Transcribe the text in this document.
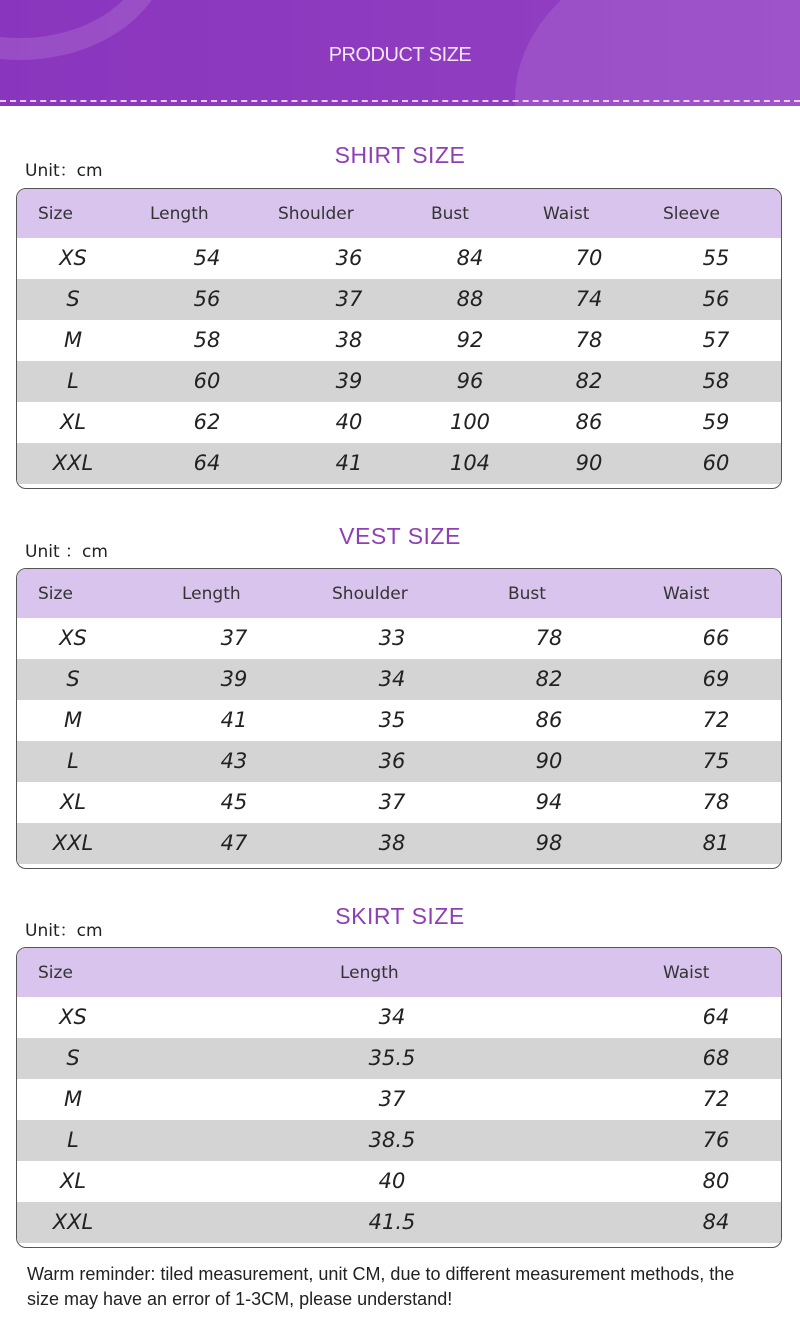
PRODUCT SIZE
Unit：cm
SHIRT SIZE
Size	Length	Shoulder	Bust	Waist	Sleeve
XS	54	36	84	70	55
S	56	37	88	74	56
M	58	38	92	78	57
L	60	39	96	82	58
XL	62	40	100	86	59
XXL	64	41	104	90	60
Unit ：cm
VEST SIZE
Size	Length	Shoulder	Bust	Waist
XS	37	33	78	66
S	39	34	82	69
M	41	35	86	72
L	43	36	90	75
XL	45	37	94	78
XXL	47	38	98	81
Unit：cm
SKIRT SIZE
Size	Length	Waist
XS	34	64
S	35.5	68
M	37	72
L	38.5	76
XL	40	80
XXL	41.5	84
Warm reminder: tiled measurement, unit CM, due to different measurement methods, the size may have an error of 1-3CM, please understand!
